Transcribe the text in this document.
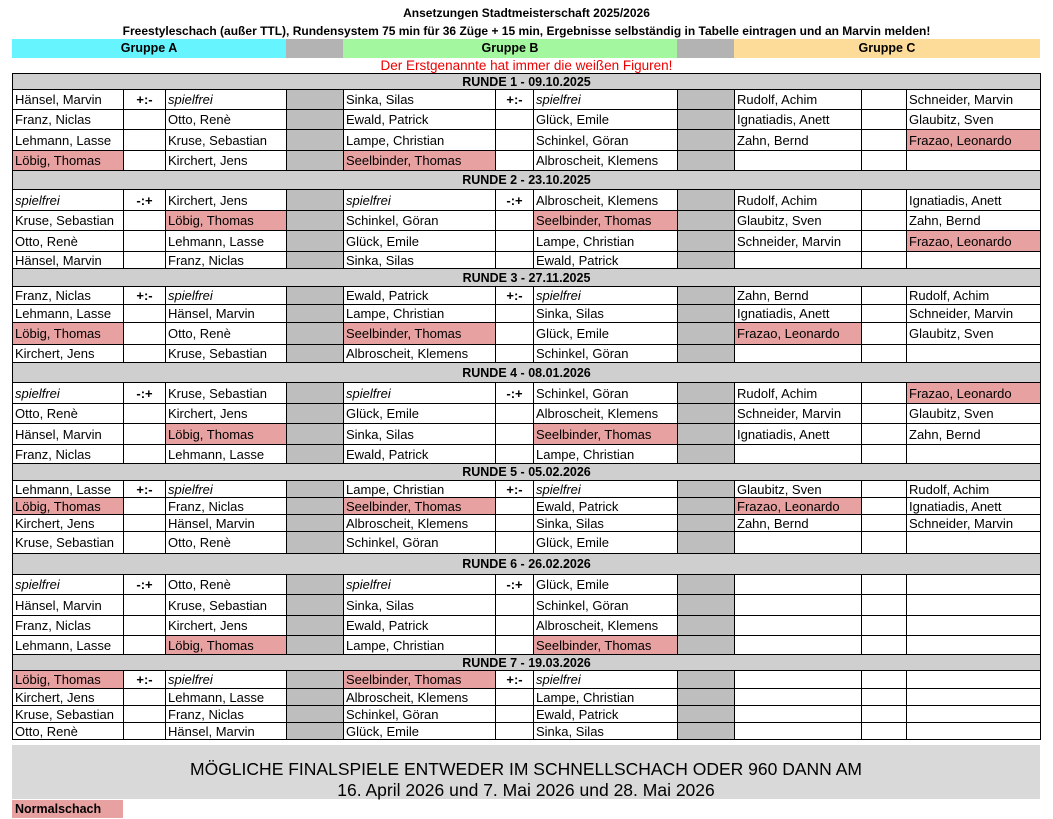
Ansetzungen Stadtmeisterschaft 2025/2026
Freestyleschach (außer TTL), Rundensystem 75 min für 36 Züge + 15 min, Ergebnisse selbständig in Tabelle eintragen und an Marvin melden!
Gruppe A	Gruppe B	Gruppe C
Der Erstgenannte hat immer die weißen Figuren!
RUNDE 1 - 09.10.2025										
Hänsel, Marvin	+:-	spielfrei		Sinka, Silas	+:-	spielfrei		Rudolf, Achim		Schneider, Marvin
Franz, Niclas		Otto, Renè		Ewald, Patrick		Glück, Emile		Ignatiadis, Anett		Glaubitz, Sven
Lehmann, Lasse		Kruse, Sebastian		Lampe, Christian		Schinkel, Göran		Zahn, Bernd		Frazao, Leonardo
Löbig, Thomas		Kirchert, Jens		Seelbinder, Thomas		Albroscheit, Klemens				
RUNDE 2 - 23.10.2025										
spielfrei	-:+	Kirchert, Jens		spielfrei	-:+	Albroscheit, Klemens		Rudolf, Achim		Ignatiadis, Anett
Kruse, Sebastian		Löbig, Thomas		Schinkel, Göran		Seelbinder, Thomas		Glaubitz, Sven		Zahn, Bernd
Otto, Renè		Lehmann, Lasse		Glück, Emile		Lampe, Christian		Schneider, Marvin		Frazao, Leonardo
Hänsel, Marvin		Franz, Niclas		Sinka, Silas		Ewald, Patrick				
RUNDE 3 - 27.11.2025										
Franz, Niclas	+:-	spielfrei		Ewald, Patrick	+:-	spielfrei		Zahn, Bernd		Rudolf, Achim
Lehmann, Lasse		Hänsel, Marvin		Lampe, Christian		Sinka, Silas		Ignatiadis, Anett		Schneider, Marvin
Löbig, Thomas		Otto, Renè		Seelbinder, Thomas		Glück, Emile		Frazao, Leonardo		Glaubitz, Sven
Kirchert, Jens		Kruse, Sebastian		Albroscheit, Klemens		Schinkel, Göran				
RUNDE 4 - 08.01.2026										
spielfrei	-:+	Kruse, Sebastian		spielfrei	-:+	Schinkel, Göran		Rudolf, Achim		Frazao, Leonardo
Otto, Renè		Kirchert, Jens		Glück, Emile		Albroscheit, Klemens		Schneider, Marvin		Glaubitz, Sven
Hänsel, Marvin		Löbig, Thomas		Sinka, Silas		Seelbinder, Thomas		Ignatiadis, Anett		Zahn, Bernd
Franz, Niclas		Lehmann, Lasse		Ewald, Patrick		Lampe, Christian				
RUNDE 5 - 05.02.2026										
Lehmann, Lasse	+:-	spielfrei		Lampe, Christian	+:-	spielfrei		Glaubitz, Sven		Rudolf, Achim
Löbig, Thomas		Franz, Niclas		Seelbinder, Thomas		Ewald, Patrick		Frazao, Leonardo		Ignatiadis, Anett
Kirchert, Jens		Hänsel, Marvin		Albroscheit, Klemens		Sinka, Silas		Zahn, Bernd		Schneider, Marvin
Kruse, Sebastian		Otto, Renè		Schinkel, Göran		Glück, Emile				
RUNDE 6 - 26.02.2026										
spielfrei	-:+	Otto, Renè		spielfrei	-:+	Glück, Emile				
Hänsel, Marvin		Kruse, Sebastian		Sinka, Silas		Schinkel, Göran				
Franz, Niclas		Kirchert, Jens		Ewald, Patrick		Albroscheit, Klemens				
Lehmann, Lasse		Löbig, Thomas		Lampe, Christian		Seelbinder, Thomas				
RUNDE 7 - 19.03.2026										
Löbig, Thomas	+:-	spielfrei		Seelbinder, Thomas	+:-	spielfrei				
Kirchert, Jens		Lehmann, Lasse		Albroscheit, Klemens		Lampe, Christian				
Kruse, Sebastian		Franz, Niclas		Schinkel, Göran		Ewald, Patrick				
Otto, Renè		Hänsel, Marvin		Glück, Emile		Sinka, Silas				
MÖGLICHE FINALSPIELE ENTWEDER IM SCHNELLSCHACH ODER 960 DANN AM
16. April 2026 und 7. Mai 2026 und 28. Mai 2026
Normalschach
